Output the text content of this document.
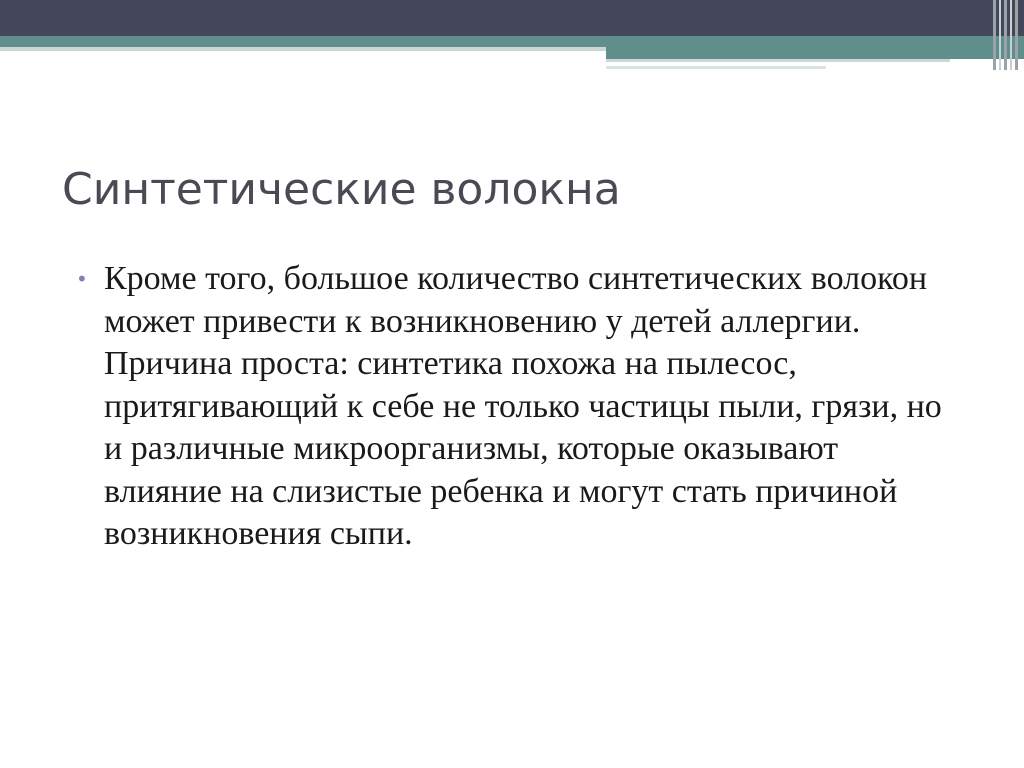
Синтетические волокна
• Кроме того, большое количество синтетических волокон может привести к возникновению у детей аллергии. Причина проста: синтетика похожа на пылесос, притягивающий к себе не только частицы пыли, грязи, но и различные микроорганизмы, которые оказывают влияние на слизистые ребенка и могут стать причиной возникновения сыпи.
